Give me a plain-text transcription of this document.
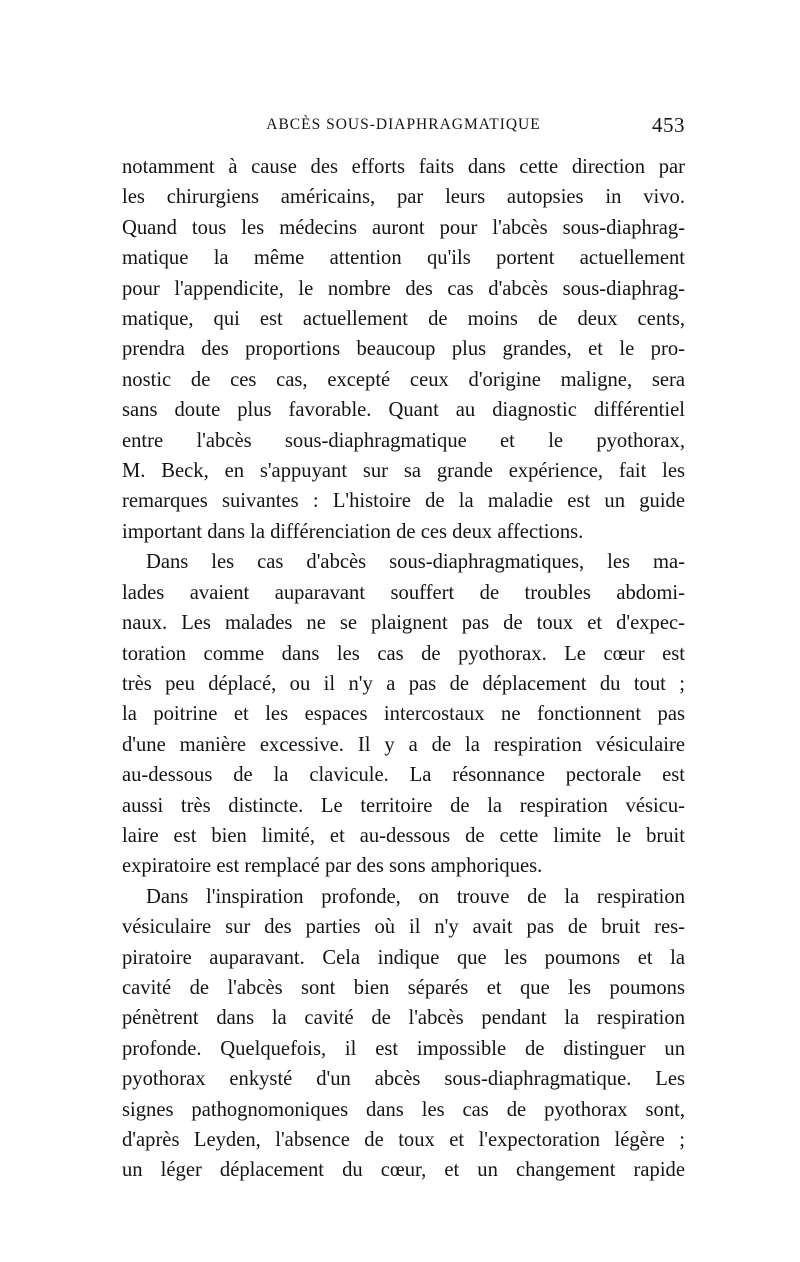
ABCÈS SOUS-DIAPHRAGMATIQUE	453

notamment à cause des efforts faits dans cette direction par
les chirurgiens américains, par leurs autopsies in vivo.
Quand tous les médecins auront pour l'abcès sous-diaphrag-
matique la même attention qu'ils portent actuellement
pour l'appendicite, le nombre des cas d'abcès sous-diaphrag-
matique, qui est actuellement de moins de deux cents,
prendra des proportions beaucoup plus grandes, et le pro-
nostic de ces cas, excepté ceux d'origine maligne, sera
sans doute plus favorable. Quant au diagnostic différentiel
entre l'abcès sous-diaphragmatique et le pyothorax,
M. Beck, en s'appuyant sur sa grande expérience, fait les
remarques suivantes : L'histoire de la maladie est un guide
important dans la différenciation de ces deux affections.

Dans les cas d'abcès sous-diaphragmatiques, les ma-
lades avaient auparavant souffert de troubles abdomi-
naux. Les malades ne se plaignent pas de toux et d'expec-
toration comme dans les cas de pyothorax. Le cœur est
très peu déplacé, ou il n'y a pas de déplacement du tout ;
la poitrine et les espaces intercostaux ne fonctionnent pas
d'une manière excessive. Il y a de la respiration vésiculaire
au-dessous de la clavicule. La résonnance pectorale est
aussi très distincte. Le territoire de la respiration vésicu-
laire est bien limité, et au-dessous de cette limite le bruit
expiratoire est remplacé par des sons amphoriques.

Dans l'inspiration profonde, on trouve de la respiration
vésiculaire sur des parties où il n'y avait pas de bruit res-
piratoire auparavant. Cela indique que les poumons et la
cavité de l'abcès sont bien séparés et que les poumons
pénètrent dans la cavité de l'abcès pendant la respiration
profonde. Quelquefois, il est impossible de distinguer un
pyothorax enkysté d'un abcès sous-diaphragmatique. Les
signes pathognomoniques dans les cas de pyothorax sont,
d'après Leyden, l'absence de toux et l'expectoration légère ;
un léger déplacement du cœur, et un changement rapide
